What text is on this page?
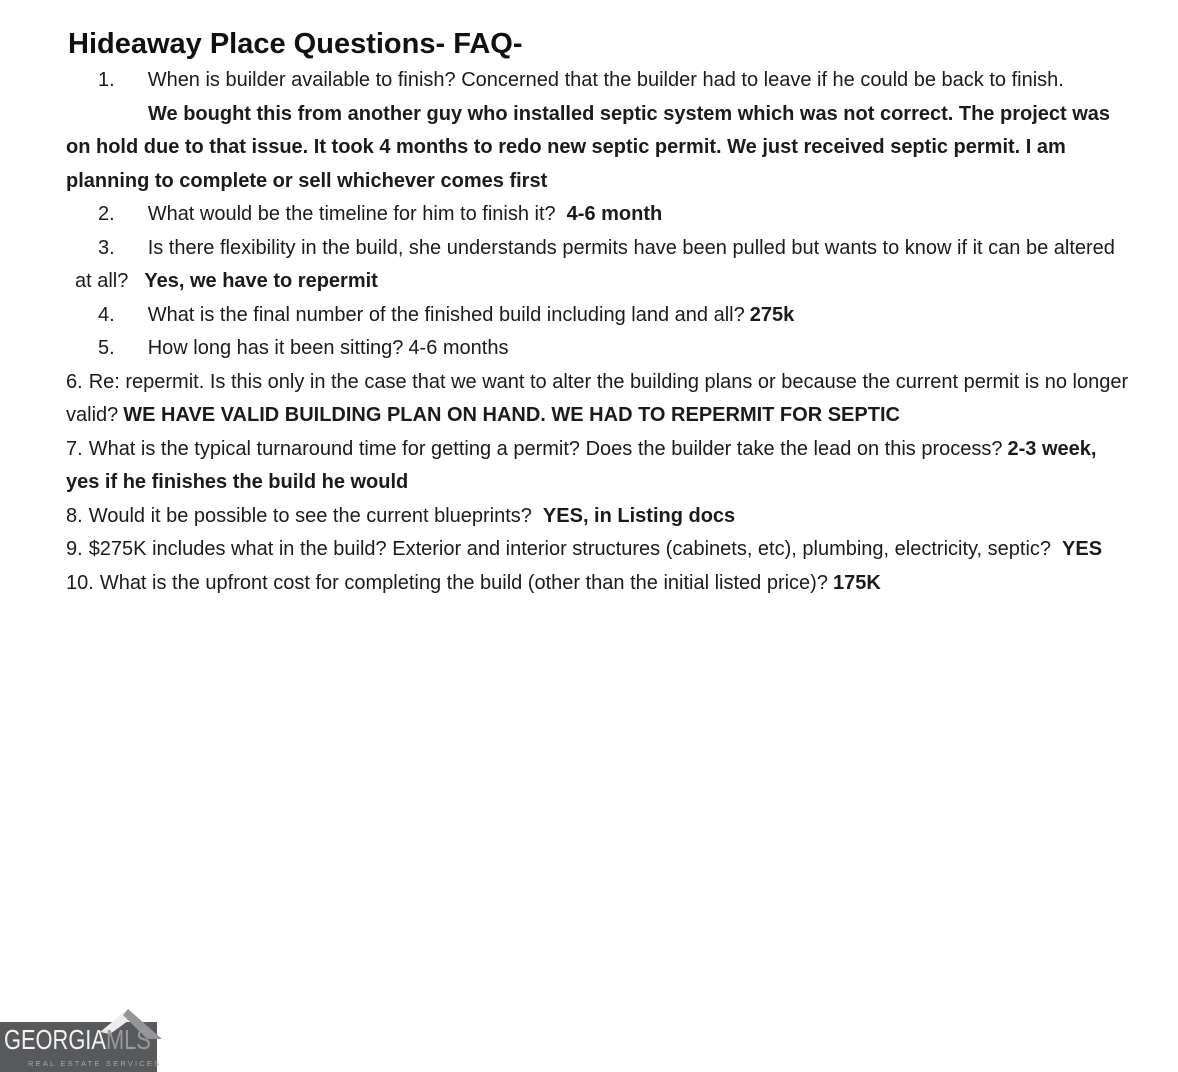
Hideaway Place Questions- FAQ-

1. When is builder available to finish? Concerned that the builder had to leave if he could be back to finish.

We bought this from another guy who installed septic system which was not correct. The project was on hold due to that issue. It took 4 months to redo new septic permit. We just received septic permit. I am planning to complete or sell whichever comes first

2. What would be the timeline for him to finish it? 4-6 month

3. Is there flexibility in the build, she understands permits have been pulled but wants to know if it can be altered at all? Yes, we have to repermit

4. What is the final number of the finished build including land and all? 275k

5. How long has it been sitting? 4-6 months

6. Re: repermit. Is this only in the case that we want to alter the building plans or because the current permit is no longer valid? WE HAVE VALID BUILDING PLAN ON HAND. WE HAD TO REPERMIT FOR SEPTIC

7. What is the typical turnaround time for getting a permit? Does the builder take the lead on this process? 2-3 week, yes if he finishes the build he would

8. Would it be possible to see the current blueprints? YES, in Listing docs

9. $275K includes what in the build? Exterior and interior structures (cabinets, etc), plumbing, electricity, septic? YES

10. What is the upfront cost for completing the build (other than the initial listed price)? 175K

GEORGIAMLS
REAL ESTATE SERVICES
